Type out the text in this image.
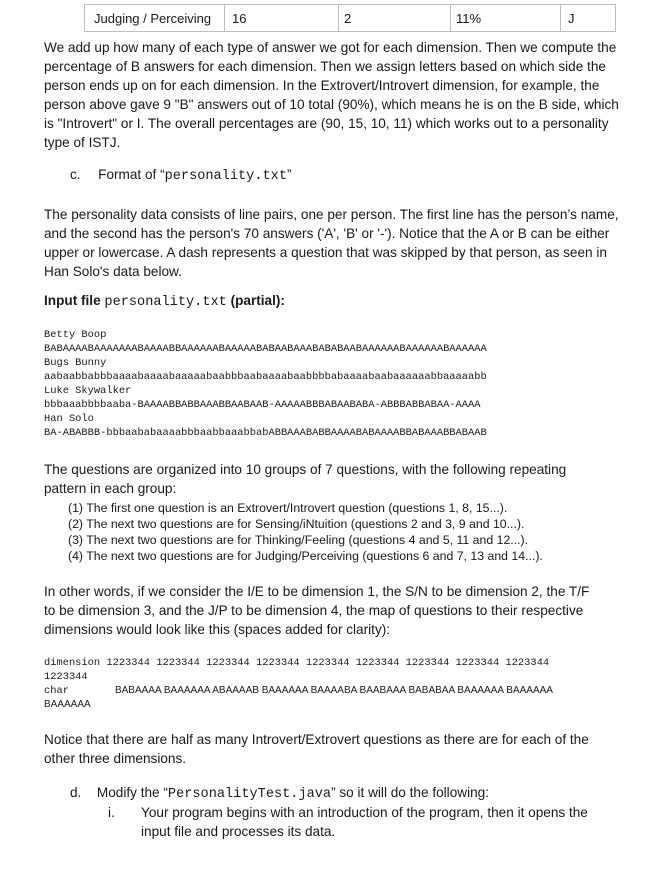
Judging / Perceiving 16	2	11%	J
We add up how many of each type of answer we got for each dimension. Then we compute the
percentage of B answers for each dimension. Then we assign letters based on which side the
person ends up on for each dimension. In the Extrovert/Introvert dimension, for example, the
person above gave 9 "B" answers out of 10 total (90%), which means he is on the B side, which
is "Introvert" or I. The overall percentages are (90, 15, 10, 11) which works out to a personality
type of ISTJ.
c. Format of “personality.txt”
The personality data consists of line pairs, one per person. The first line has the person’s name,
and the second has the person's 70 answers ('A', 'B' or '-'). Notice that the A or B can be either
upper or lowercase. A dash represents a question that was skipped by that person, as seen in
Han Solo's data below.
Input file personality.txt (partial):
Betty Boop
BABAAAABAAAAAAABAAAABBAAAAAABAAAAABABAABAAABABABAABAAAAAABAAAAAABAAAAAA
Bugs Bunny
aabaabbabbbaaaabaaaabaaaaabaabbbaabaaaabaabbbbabaaaabaabaaaaaabbaaaaabb
Luke Skywalker
bbbaaabbbbaaba-BAAAABBABBAAABBAABAAB-AAAAABBBABAABABA-ABBBABBABAA-AAAA
Han Solo
BA-ABABBB-bbbaababaaaabbbaabbaaabbabABBAAABABBAAAABABAAAABBABAAABBABAAB
The questions are organized into 10 groups of 7 questions, with the following repeating
pattern in each group:
(1) The first one question is an Extrovert/Introvert question (questions 1, 8, 15...).
(2) The next two questions are for Sensing/iNtuition (questions 2 and 3, 9 and 10...).
(3) The next two questions are for Thinking/Feeling (questions 4 and 5, 11 and 12...).
(4) The next two questions are for Judging/Perceiving (questions 6 and 7, 13 and 14...).
In other words, if we consider the I/E to be dimension 1, the S/N to be dimension 2, the T/F
to be dimension 3, and the J/P to be dimension 4, the map of questions to their respective
dimensions would look like this (spaces added for clarity):
dimension 1223344 1223344 1223344 1223344 1223344 1223344 1223344 1223344 1223344
1223344
char	BABAAAA BAAAAAA ABAAAAB BAAAAAA BAAAABA BAABAAA BABABAA BAAAAAA BAAAAAA
BAAAAAA
Notice that there are half as many Introvert/Extrovert questions as there are for each of the
other three dimensions.
d. Modify the “PersonalityTest.java” so it will do the following:
i. Your program begins with an introduction of the program, then it opens the
input file and processes its data.
